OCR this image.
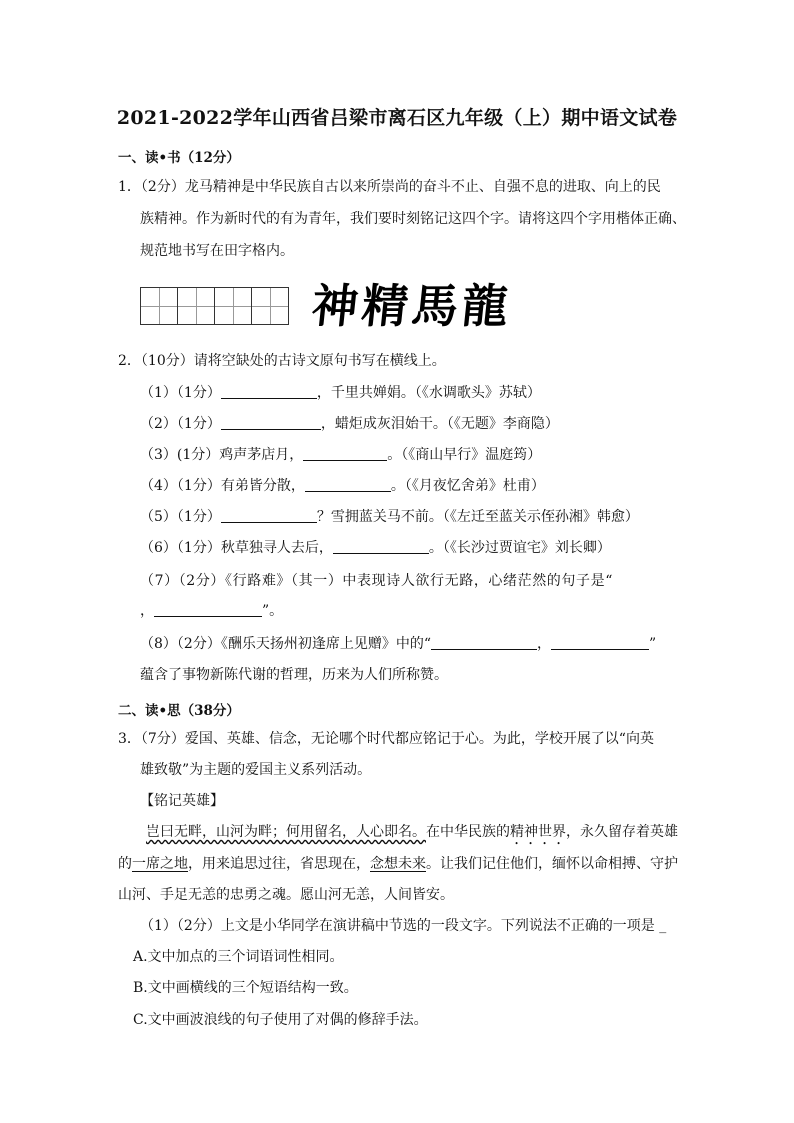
2021-2022学年山西省吕梁市离石区九年级（上）期中语文试卷
一、读•书（12分）
1．（2分）龙马精神是中华民族自古以来所崇尚的奋斗不止、自强不息的进取、向上的民
族精神。作为新时代的有为青年，我们要时刻铭记这四个字。请将这四个字用楷体正确、
规范地书写在田字格内。
神精馬龍
2．（10分）请将空缺处的古诗文原句书写在横线上。
（1）（1分）	，千里共婵娟。（《水调歌头》苏轼）
（2）（1分）	，蜡炬成灰泪始干。（《无题》李商隐）
（3）(1分）鸡声茅店月，	。（《商山早行》温庭筠）
（4）（1分）有弟皆分散，	。（《月夜忆舍弟》杜甫）
（5）（1分）	？雪拥蓝关马不前。（《左迁至蓝关示侄孙湘》韩愈）
（6）（1分）秋草独寻人去后，	。（《长沙过贾谊宅》刘长卿）
（7）（2分）《行路难》（其一）中表现诗人欲行无路，心绪茫然的句子是“
，	”。
（8）（2分）《酬乐天扬州初逢席上见赠》中的“	，	”
蕴含了事物新陈代谢的哲理，历来为人们所称赞。
二、读•思（38分）
3．（7分）爱国、英雄、信念，无论哪个时代都应铭记于心。为此，学校开展了以“向英
雄致敬”为主题的爱国主义系列活动。
【铭记英雄】
岂曰无畔，山河为畔；何用留名，人心即名。在中华民族的精神世界，永久留存着英雄
的一席之地，用来追思过往，省思现在，念想未来。让我们记住他们，缅怀以命相搏、守护
山河、手足无恙的忠勇之魂。愿山河无恙，人间皆安。
（1）（2分）上文是小华同学在演讲稿中节选的一段文字。下列说法不正确的一项是 _
A.文中加点的三个词语词性相同。
B.文中画横线的三个短语结构一致。
C.文中画波浪线的句子使用了对偶的修辞手法。
